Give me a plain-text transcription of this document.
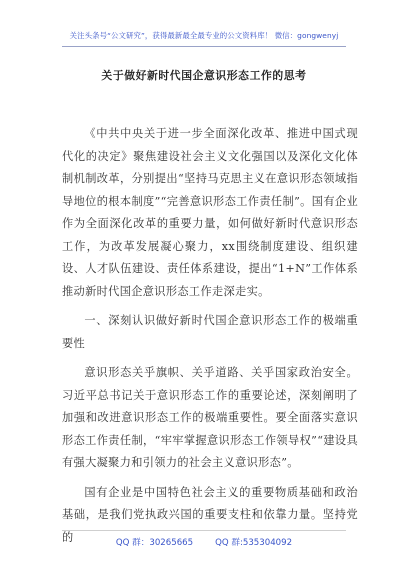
关注头条号“公文研究”，获得最新最全最专业的公文资料库！ 微信：gongwenyj
关于做好新时代国企意识形态工作的思考

《中共中央关于进一步全面深化改革、推进中国式现代化的决定》聚焦建设社会主义文化强国以及深化文化体制机制改革，分别提出“坚持马克思主义在意识形态领域指导地位的根本制度”“完善意识形态工作责任制”。国有企业作为全面深化改革的重要力量，如何做好新时代意识形态工作，为改革发展凝心聚力，xx围绕制度建设、组织建设、人才队伍建设、责任体系建设，提出“1+N”工作体系推动新时代国企意识形态工作走深走实。

一、深刻认识做好新时代国企意识形态工作的极端重要性

意识形态关乎旗帜、关乎道路、关乎国家政治安全。习近平总书记关于意识形态工作的重要论述，深刻阐明了加强和改进意识形态工作的极端重要性。要全面落实意识形态工作责任制，“牢牢掌握意识形态工作领导权”“建设具有强大凝聚力和引领力的社会主义意识形态”。

国有企业是中国特色社会主义的重要物质基础和政治基础，是我们党执政兴国的重要支柱和依靠力量。坚持党的	QQ 群：30265665	QQ 群:535304092
